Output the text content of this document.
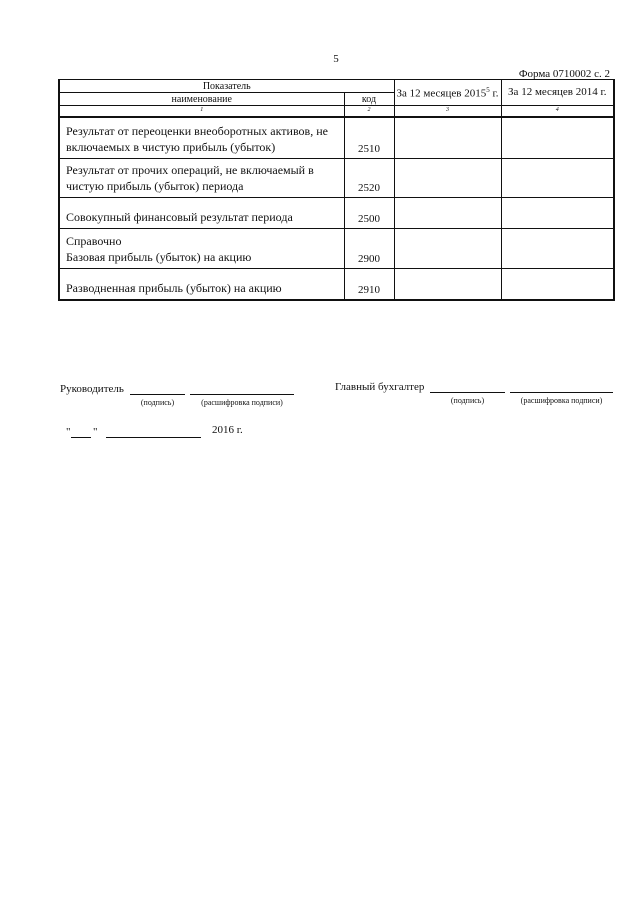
5
Форма 0710002 с. 2
Показатель		За 12 месяцев 2015$^5$ г.	За 12 месяцев 2014 г.
наименование	код		
1	2	3	4
Результат от переоценки внеоборотных активов, не включаемых в чистую прибыль (убыток)	2510		
Результат от прочих операций, не включаемый в чистую прибыль (убыток) периода	2520		
Совокупный финансовый результат периода	2500		

Справочно
Базовая прибыль (убыток) на акцию	2900		
Разводненная прибыль (убыток) на акцию	2910		
Руководитель
(подпись)	(расшифровка подписи)
Главный бухгалтер
(подпись)	(расшифровка подписи)
" "	2016 г.
